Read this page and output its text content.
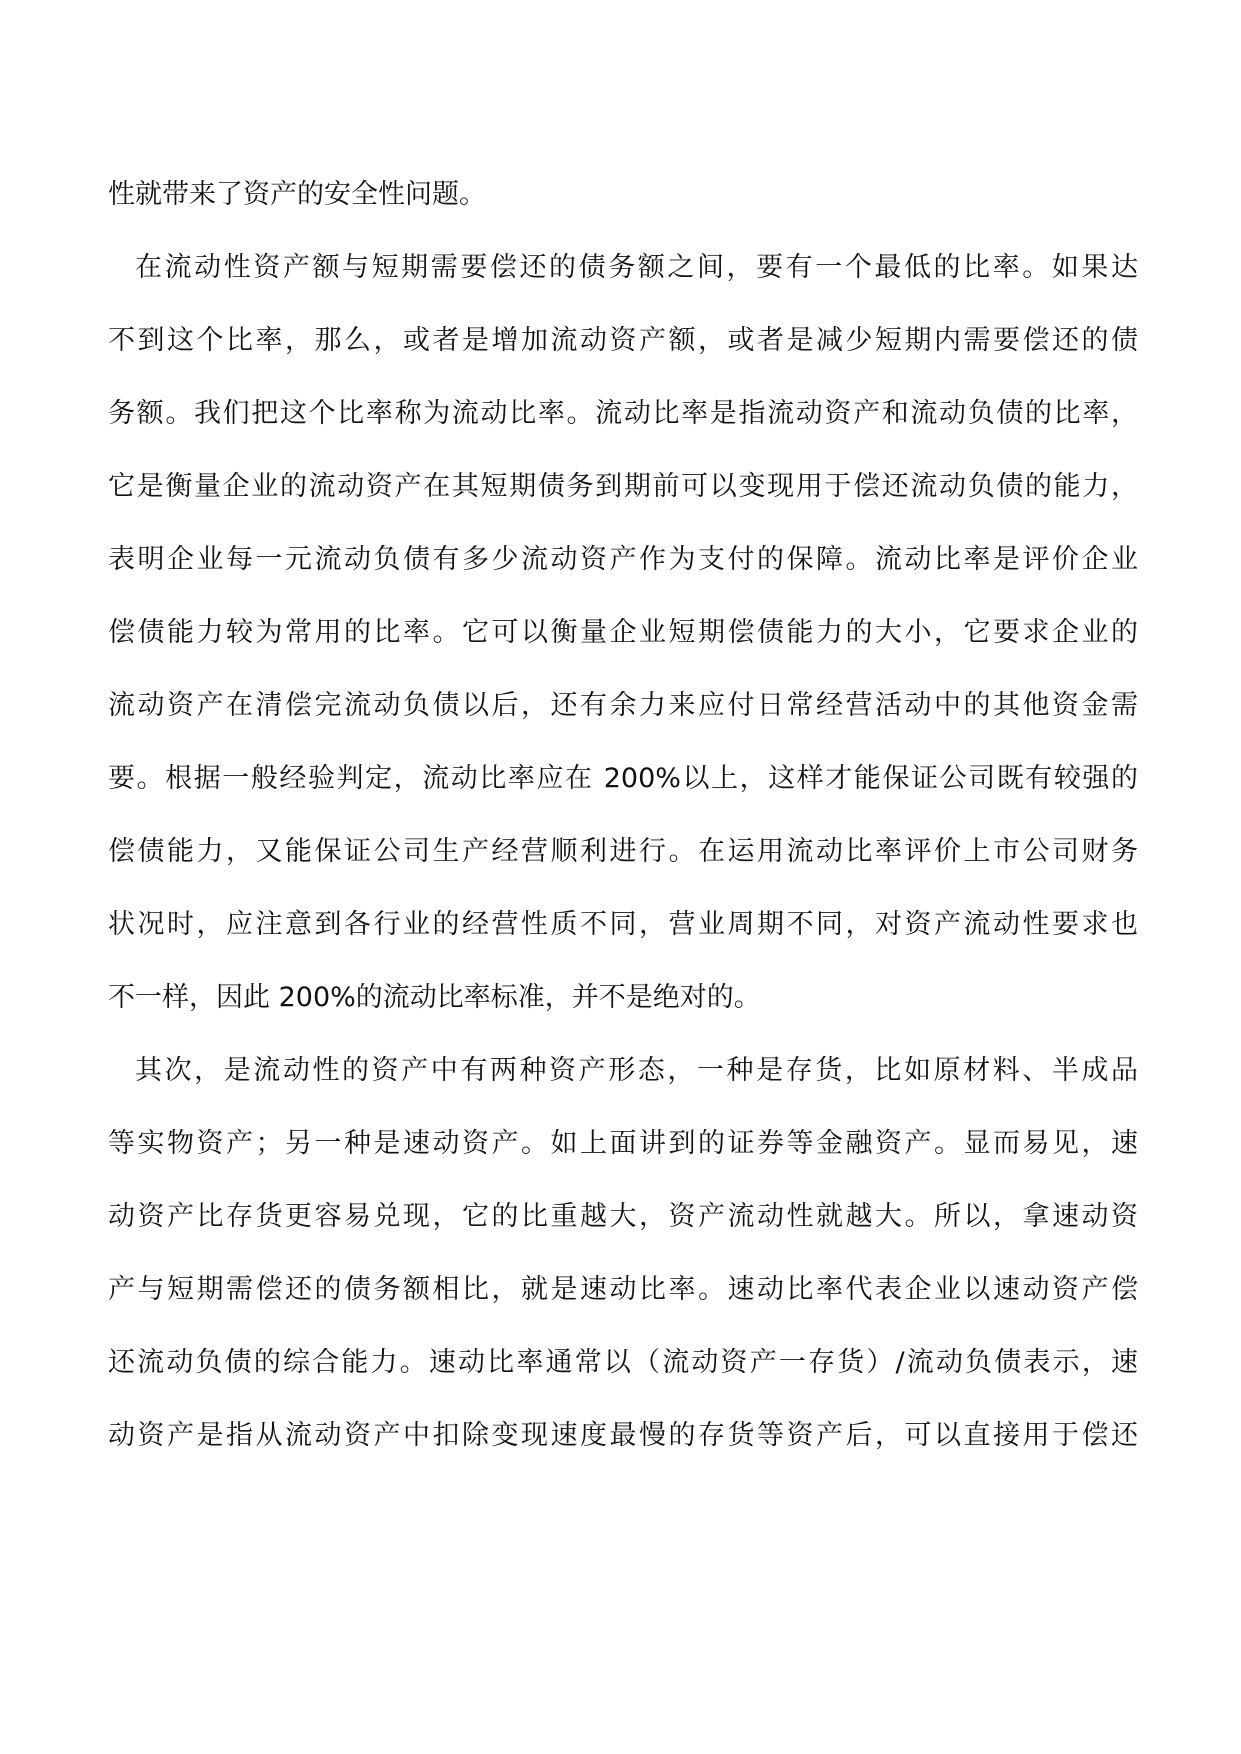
性就带来了资产的安全性问题。
在流动性资产额与短期需要偿还的债务额之间，要有一个最低的比率。如果达
不到这个比率，那么，或者是增加流动资产额，或者是减少短期内需要偿还的债
务额。我们把这个比率称为流动比率。流动比率是指流动资产和流动负债的比率，
它是衡量企业的流动资产在其短期债务到期前可以变现用于偿还流动负债的能力，
表明企业每一元流动负债有多少流动资产作为支付的保障。流动比率是评价企业
偿债能力较为常用的比率。它可以衡量企业短期偿债能力的大小，它要求企业的
流动资产在清偿完流动负债以后，还有余力来应付日常经营活动中的其他资金需
要。根据一般经验判定，流动比率应在 200%以上，这样才能保证公司既有较强的
偿债能力，又能保证公司生产经营顺利进行。在运用流动比率评价上市公司财务
状况时，应注意到各行业的经营性质不同，营业周期不同，对资产流动性要求也
不一样，因此 200%的流动比率标准，并不是绝对的。
其次，是流动性的资产中有两种资产形态，一种是存货，比如原材料、半成品
等实物资产；另一种是速动资产。如上面讲到的证券等金融资产。显而易见，速
动资产比存货更容易兑现，它的比重越大，资产流动性就越大。所以，拿速动资
产与短期需偿还的债务额相比，就是速动比率。速动比率代表企业以速动资产偿
还流动负债的综合能力。速动比率通常以（流动资产一存货）/流动负债表示，速
动资产是指从流动资产中扣除变现速度最慢的存货等资产后，可以直接用于偿还
